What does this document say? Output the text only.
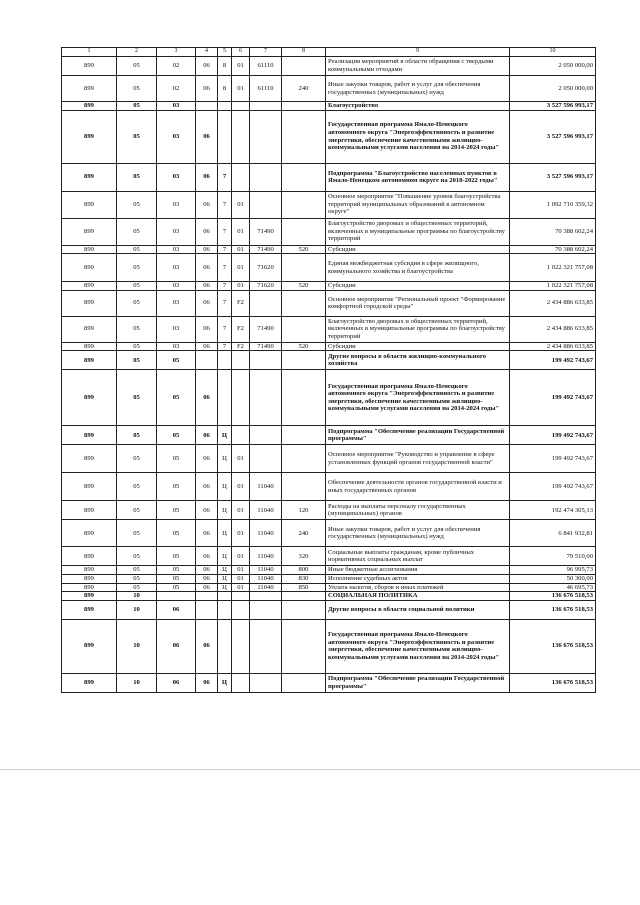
1	2	3	4	5	6	7	8	9	10
899	05	02	06	8	01	61110		Реализация мероприятий в области обращения с твердыми коммунальными отходами	2 050 000,00
899	05	02	06	8	01	61110	240	Иные закупки товаров, работ и услуг для обеспечения государственных (муниципальных) нужд	2 050 000,00
899	05	03						Благоустройство	3 527 596 993,17
899	05	03	06					Государственная программа Ямало-Ненецкого автономного округа "Энергоэффективность и развитие энергетики, обеспечение качественными жилищно-коммунальными услугами населения на 2014-2024 годы"	3 527 596 993,17
899	05	03	06	7				Подпрограмма "Благоустройство населенных пунктов в Ямало-Ненецком автономном округе на 2018-2022 годы"	3 527 596 993,17
899	05	03	06	7	01			Основное мероприятие "Повышение уровня благоустройства территорий муниципальных образований в автономном округе"	1 092 710 359,32
899	05	03	06	7	01	71490		Благоустройство дворовых и общественных территорий, включенных в муниципальные программы по благоустройству территорий	70 388 602,24
899	05	03	06	7	01	71490	520	Субсидии	70 388 602,24
899	05	03	06	7	01	71620		Единая межбюджетная субсидия в сфере жилищного, коммунального хозяйства и благоустройства	1 022 321 757,08
899	05	03	06	7	01	71620	520	Субсидии	1 022 321 757,08
899	05	03	06	7	F2			Основное мероприятие "Региональный проект "Формирование комфортной городской среды"	2 434 886 633,85
899	05	03	06	7	F2	71490		Благоустройство дворовых и общественных территорий, включенных в муниципальные программы по благоустройству территорий	2 434 886 633,85
899	05	03	06	7	F2	71490	520	Субсидии	2 434 886 633,85
899	05	05						Другие вопросы в области жилищно-коммунального хозяйства	199 492 743,67
899	05	05	06					Государственная программа Ямало-Ненецкого автономного округа "Энергоэффективность и развитие энергетики, обеспечение качественными жилищно-коммунальными услугами населения на 2014-2024 годы"	199 492 743,67
899	05	05	06	Ц				Подпрограмма "Обеспечение реализации Государственной программы"	199 492 743,67
899	05	05	06	Ц	01			Основное мероприятие "Руководство и управление в сфере установленных функций органов государственной власти"	199 492 743,67
899	05	05	06	Ц	01	11040		Обеспечение деятельности органов государственной власти и иных государственных органов	199 492 743,67
899	05	05	06	Ц	01	11040	120	Расходы на выплаты персоналу государственных (муниципальных) органов	192 474 305,13
899	05	05	06	Ц	01	11040	240	Иные закупки товаров, работ и услуг для обеспечения государственных (муниципальных) нужд	6 841 932,81
899	05	05	06	Ц	01	11040	320	Социальные выплаты гражданам, кроме публичных нормативных социальных выплат	79 510,00
899	05	05	06	Ц	01	11040	800	Иные бюджетные ассигнования	96 995,73
899	05	05	06	Ц	01	11040	830	Исполнение судебных актов	50 300,00
899	05	05	06	Ц	01	11040	850	Уплата налогов, сборов и иных платежей	46 695,73
899	10							СОЦИАЛЬНАЯ ПОЛИТИКА	136 676 518,53
899	10	06						Другие вопросы в области социальной политики	136 676 518,53
899	10	06	06					Государственная программа Ямало-Ненецкого автономного округа "Энергоэффективность и развитие энергетики, обеспечение качественными жилищно-коммунальными услугами населения на 2014-2024 годы"	136 676 518,53
899	10	06	06	Ц				Подпрограмма "Обеспечение реализации Государственной программы"	136 676 518,53
